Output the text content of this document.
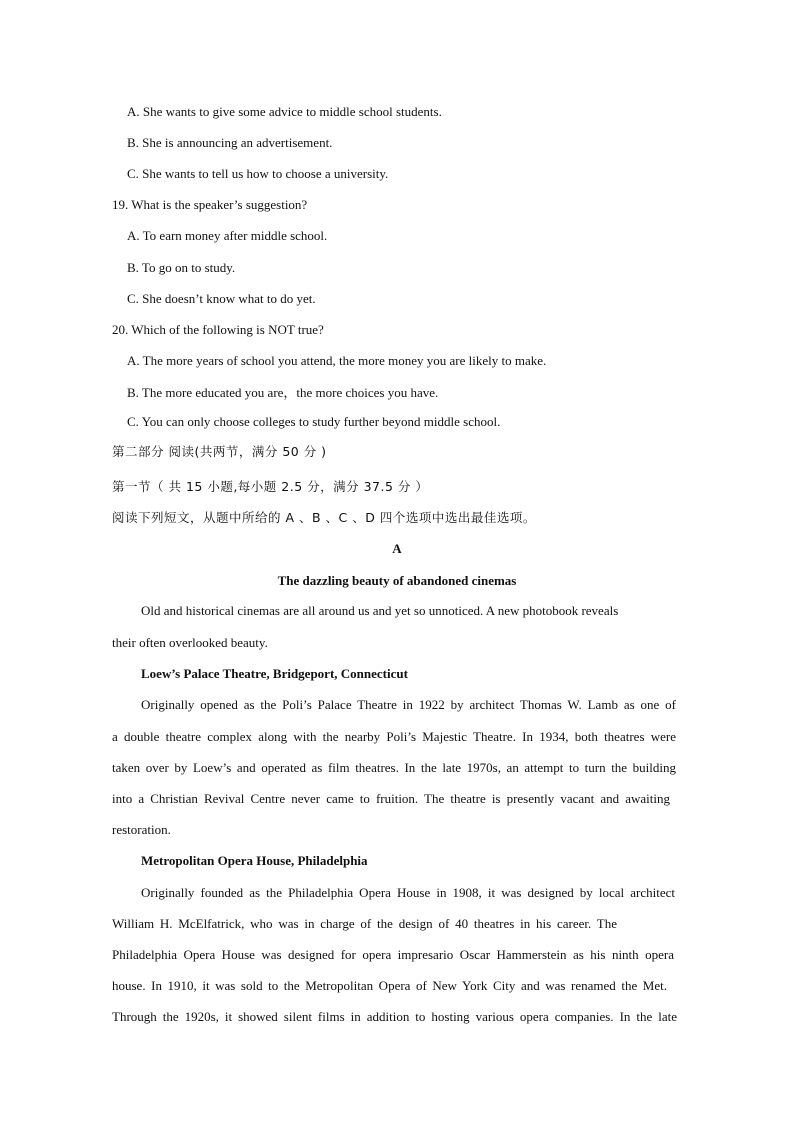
A. She wants to give some advice to middle school students.
B. She is announcing an advertisement.
C. She wants to tell us how to choose a university.
19. What is the speaker’s suggestion?
A. To earn money after middle school.
B. To go on to study.
C. She doesn’t know what to do yet.
20. Which of the following is NOT true?
A. The more years of school you attend, the more money you are likely to make.
B. The more educated you are，the more choices you have.
C. You can only choose colleges to study further beyond middle school.
第二部分 阅读(共两节，满分 50 分 )
第一节（ 共 15 小题,每小题 2.5 分，满分 37.5 分 ）
阅读下列短文，从题中所给的 A 、B 、C 、D 四个选项中选出最佳选项。
A
The dazzling beauty of abandoned cinemas
Old and historical cinemas are all around us and yet so unnoticed. A new photobook reveals
their often overlooked beauty.
Loew’s Palace Theatre, Bridgeport, Connecticut
Originally opened as the Poli’s Palace Theatre in 1922 by architect Thomas W. Lamb as one of
a double theatre complex along with the nearby Poli’s Majestic Theatre. In 1934, both theatres were
taken over by Loew’s and operated as film theatres. In the late 1970s, an attempt to turn the building
into a Christian Revival Centre never came to fruition. The theatre is presently vacant and awaiting
restoration.
Metropolitan Opera House, Philadelphia
Originally founded as the Philadelphia Opera House in 1908, it was designed by local architect
William H. McElfatrick, who was in charge of the design of 40 theatres in his career. The
Philadelphia Opera House was designed for opera impresario Oscar Hammerstein as his ninth opera
house. In 1910, it was sold to the Metropolitan Opera of New York City and was renamed the Met.
Through the 1920s, it showed silent films in addition to hosting various opera companies. In the late
